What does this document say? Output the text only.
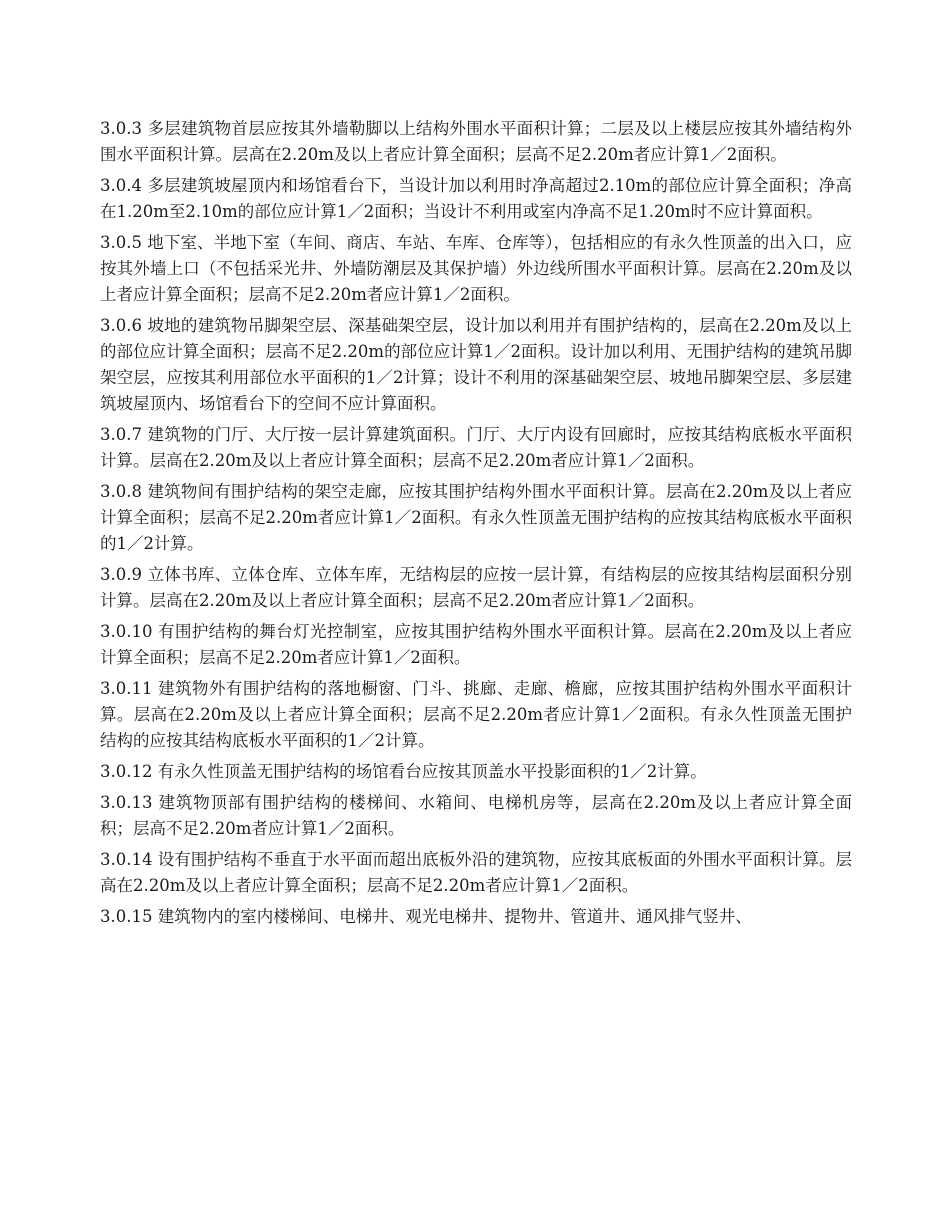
3.0.3 多层建筑物首层应按其外墙勒脚以上结构外围水平面积计算；二层及以上楼层应按其外墙结构外围水平面积计算。层高在2.20m及以上者应计算全面积；层高不足2.20m者应计算1／2面积。

3.0.4 多层建筑坡屋顶内和场馆看台下，当设计加以利用时净高超过2.10m的部位应计算全面积；净高在1.20m至2.10m的部位应计算1／2面积；当设计不利用或室内净高不足1.20m时不应计算面积。

3.0.5 地下室、半地下室（车间、商店、车站、车库、仓库等），包括相应的有永久性顶盖的出入口，应按其外墙上口（不包括采光井、外墙防潮层及其保护墙）外边线所围水平面积计算。层高在2.20m及以上者应计算全面积；层高不足2.20m者应计算1／2面积。

3.0.6 坡地的建筑物吊脚架空层、深基础架空层，设计加以利用并有围护结构的，层高在2.20m及以上的部位应计算全面积；层高不足2.20m的部位应计算1／2面积。设计加以利用、无围护结构的建筑吊脚架空层，应按其利用部位水平面积的1／2计算；设计不利用的深基础架空层、坡地吊脚架空层、多层建筑坡屋顶内、场馆看台下的空间不应计算面积。

3.0.7 建筑物的门厅、大厅按一层计算建筑面积。门厅、大厅内设有回廊时，应按其结构底板水平面积计算。层高在2.20m及以上者应计算全面积；层高不足2.20m者应计算1／2面积。

3.0.8 建筑物间有围护结构的架空走廊，应按其围护结构外围水平面积计算。层高在2.20m及以上者应计算全面积；层高不足2.20m者应计算1／2面积。有永久性顶盖无围护结构的应按其结构底板水平面积的1／2计算。

3.0.9 立体书库、立体仓库、立体车库，无结构层的应按一层计算，有结构层的应按其结构层面积分别计算。层高在2.20m及以上者应计算全面积；层高不足2.20m者应计算1／2面积。

3.0.10 有围护结构的舞台灯光控制室，应按其围护结构外围水平面积计算。层高在2.20m及以上者应计算全面积；层高不足2.20m者应计算1／2面积。

3.0.11 建筑物外有围护结构的落地橱窗、门斗、挑廊、走廊、檐廊，应按其围护结构外围水平面积计算。层高在2.20m及以上者应计算全面积；层高不足2.20m者应计算1／2面积。有永久性顶盖无围护结构的应按其结构底板水平面积的1／2计算。

3.0.12 有永久性顶盖无围护结构的场馆看台应按其顶盖水平投影面积的1／2计算。

3.0.13 建筑物顶部有围护结构的楼梯间、水箱间、电梯机房等，层高在2.20m及以上者应计算全面积；层高不足2.20m者应计算1／2面积。

3.0.14 设有围护结构不垂直于水平面而超出底板外沿的建筑物，应按其底板面的外围水平面积计算。层高在2.20m及以上者应计算全面积；层高不足2.20m者应计算1／2面积。

3.0.15 建筑物内的室内楼梯间、电梯井、观光电梯井、提物井、管道井、通风排气竖井、
